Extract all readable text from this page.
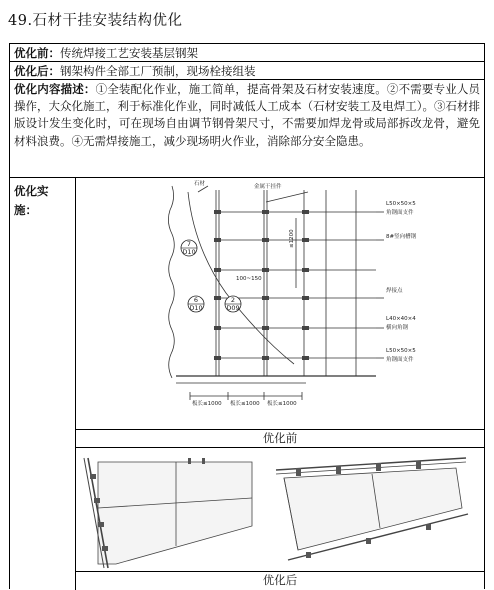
49.石材干挂安装结构优化
优化前：传统焊接工艺安装基层钢架
优化后：钢架构件全部工厂预制，现场栓接组装
优化内容描述：①全装配化作业，施工简单，提高骨架及石材安装速度。②不需要专业人员操作，大众化施工，利于标准化作业，同时减低人工成本（石材安装工及电焊工）。③石材排版设计发生变化时，可在现场自由调节钢骨架尺寸，不需要加焊龙骨或局部拆改龙骨，避免材料浪费。④无需焊接施工，减少现场明火作业，消除部分安全隐患。
优化实施：
7
D10
6
D10
2
D09
石材	金属干挂件
L50×50×5
角钢面支件
8#竖向槽钢
焊接点
L40×40×4
横向角钢
L50×50×5
角钢面支件
100~150
板长≤1000 板长≤1000 板长≤1000
≤1200
优化前
优化后
